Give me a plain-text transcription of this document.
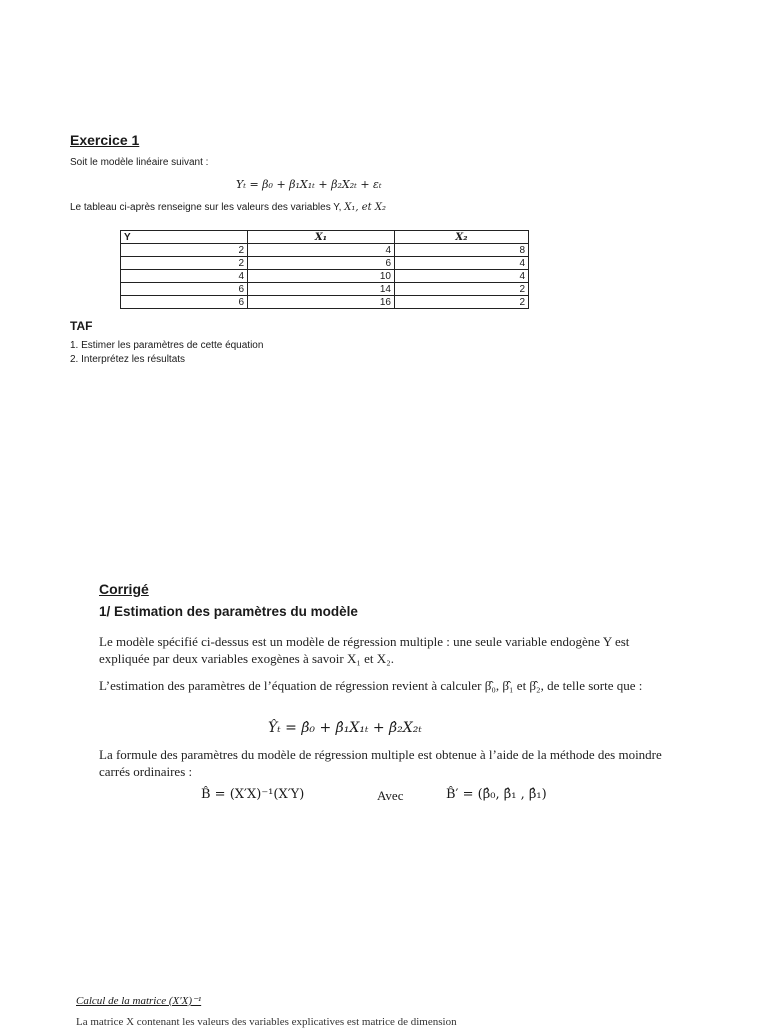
Exercice 1
Soit le modèle linéaire suivant :
Yₜ = β₀ + β₁X₁ₜ + β₂X₂ₜ + εₜ
Le tableau ci-après renseigne sur les valeurs des variables Y, X₁, et X₂
Y	X₁	X₂
2	4	8
2	6	4
4	10	4
6	14	2
6	16	2
TAF
1. Estimer les paramètres de cette équation
2. Interprétez les résultats
Corrigé
1/ Estimation des paramètres du modèle

Le modèle spécifié ci-dessus est un modèle de régression multiple : une seule variable endogène Y est expliquée par deux variables exogènes à savoir X₁ et X₂.

L’estimation des paramètres de l’équation de régression revient à calculer β̂₀, β̂₁ et β̂₂, de telle sorte que :

Ŷₜ = β̂₀ + β̂₁X₁ₜ + β̂₂X₂ₜ

La formule des paramètres du modèle de régression multiple est obtenue à l’aide de la méthode des moindre carrés ordinaires :

B̂ = (X′X)⁻¹(X′Y)	Avec	B̂′ = (β̂₀, β̂₁ , β̂₁)
Calcul de la matrice (X′X)⁻¹
La matrice X contenant les valeurs des variables explicatives est matrice de dimension
